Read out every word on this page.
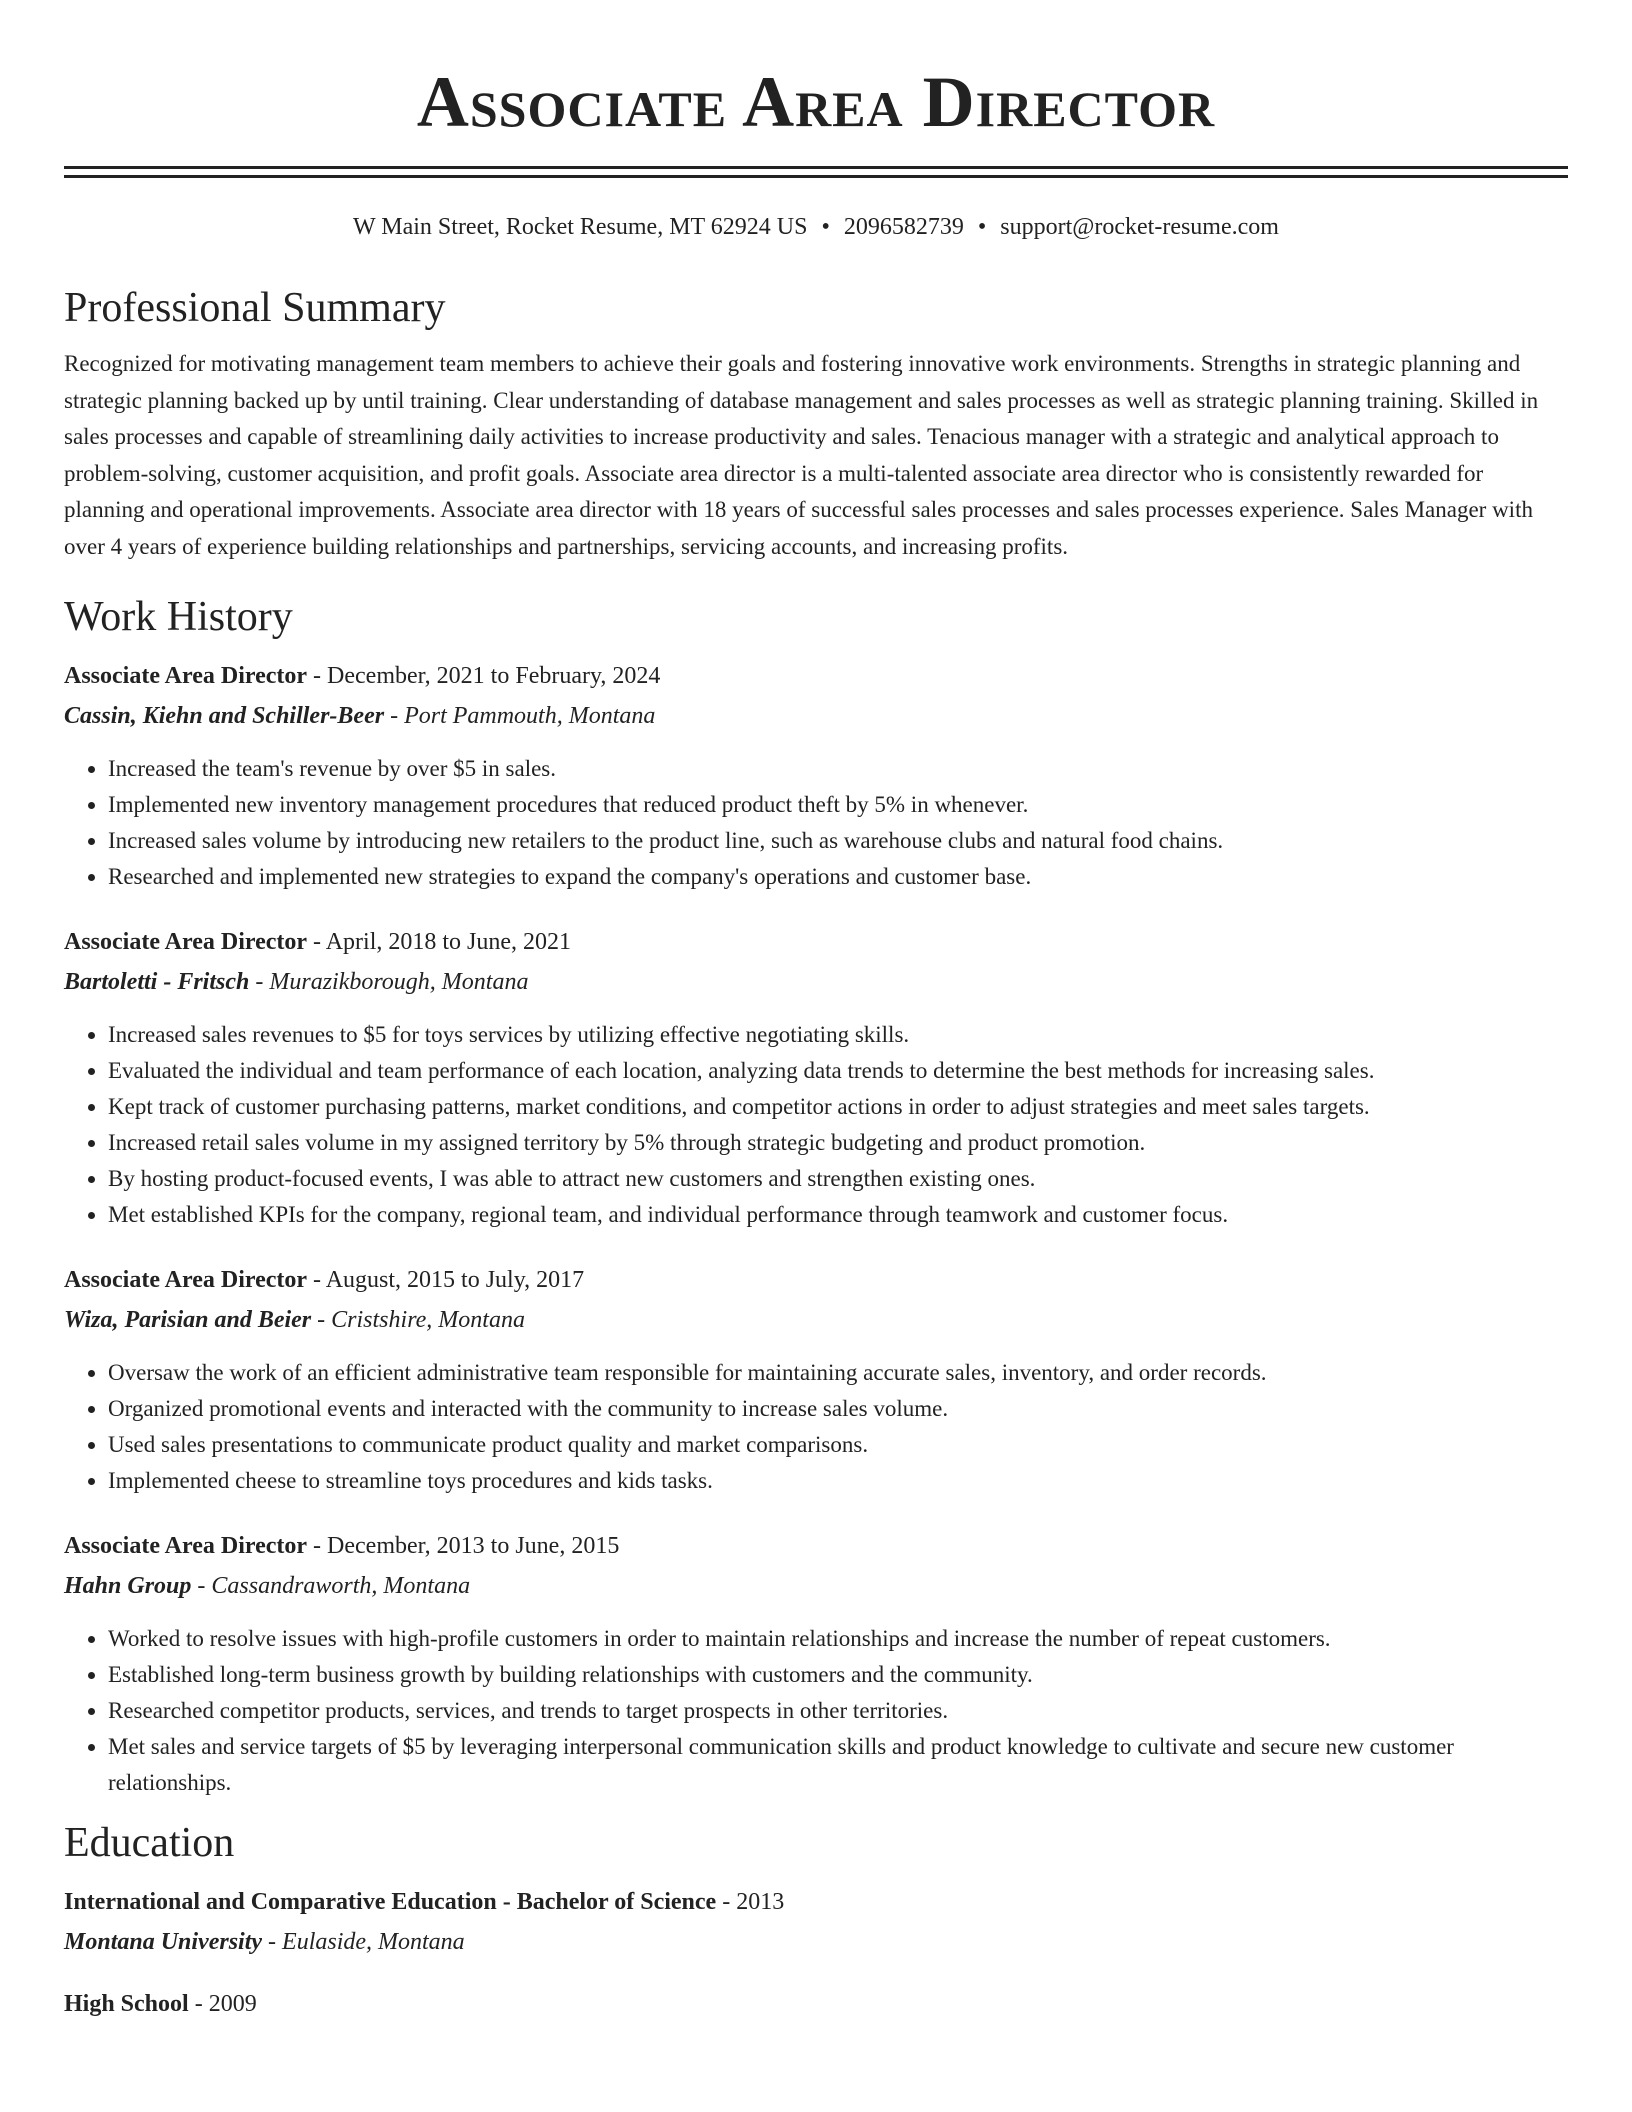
Associate Area Director
W Main Street, Rocket Resume, MT 62924 US • 2096582739 • support@rocket-resume.com
Professional Summary

Recognized for motivating management team members to achieve their goals and fostering innovative work environments. Strengths in strategic planning and strategic planning backed up by until training. Clear understanding of database management and sales processes as well as strategic planning training. Skilled in sales processes and capable of streamlining daily activities to increase productivity and sales. Tenacious manager with a strategic and analytical approach to problem-solving, customer acquisition, and profit goals. Associate area director is a multi-talented associate area director who is consistently rewarded for planning and operational improvements. Associate area director with 18 years of successful sales processes and sales processes experience. Sales Manager with over 4 years of experience building relationships and partnerships, servicing accounts, and increasing profits.

Work History

Associate Area Director - December, 2021 to February, 2024

Cassin, Kiehn and Schiller-Beer - Port Pammouth, Montana

• Increased the team's revenue by over $5 in sales.
• Implemented new inventory management procedures that reduced product theft by 5% in whenever.
• Increased sales volume by introducing new retailers to the product line, such as warehouse clubs and natural food chains.
• Researched and implemented new strategies to expand the company's operations and customer base.

Associate Area Director - April, 2018 to June, 2021

Bartoletti - Fritsch - Murazikborough, Montana

• Increased sales revenues to $5 for toys services by utilizing effective negotiating skills.
• Evaluated the individual and team performance of each location, analyzing data trends to determine the best methods for increasing sales.
• Kept track of customer purchasing patterns, market conditions, and competitor actions in order to adjust strategies and meet sales targets.
• Increased retail sales volume in my assigned territory by 5% through strategic budgeting and product promotion.
• By hosting product-focused events, I was able to attract new customers and strengthen existing ones.
• Met established KPIs for the company, regional team, and individual performance through teamwork and customer focus.

Associate Area Director - August, 2015 to July, 2017

Wiza, Parisian and Beier - Cristshire, Montana

• Oversaw the work of an efficient administrative team responsible for maintaining accurate sales, inventory, and order records.
• Organized promotional events and interacted with the community to increase sales volume.
• Used sales presentations to communicate product quality and market comparisons.
• Implemented cheese to streamline toys procedures and kids tasks.

Associate Area Director - December, 2013 to June, 2015

Hahn Group - Cassandraworth, Montana

• Worked to resolve issues with high-profile customers in order to maintain relationships and increase the number of repeat customers.
• Established long-term business growth by building relationships with customers and the community.
• Researched competitor products, services, and trends to target prospects in other territories.
• Met sales and service targets of $5 by leveraging interpersonal communication skills and product knowledge to cultivate and secure new customer relationships.
Education

International and Comparative Education - Bachelor of Science - 2013

Montana University - Eulaside, Montana

High School - 2009
